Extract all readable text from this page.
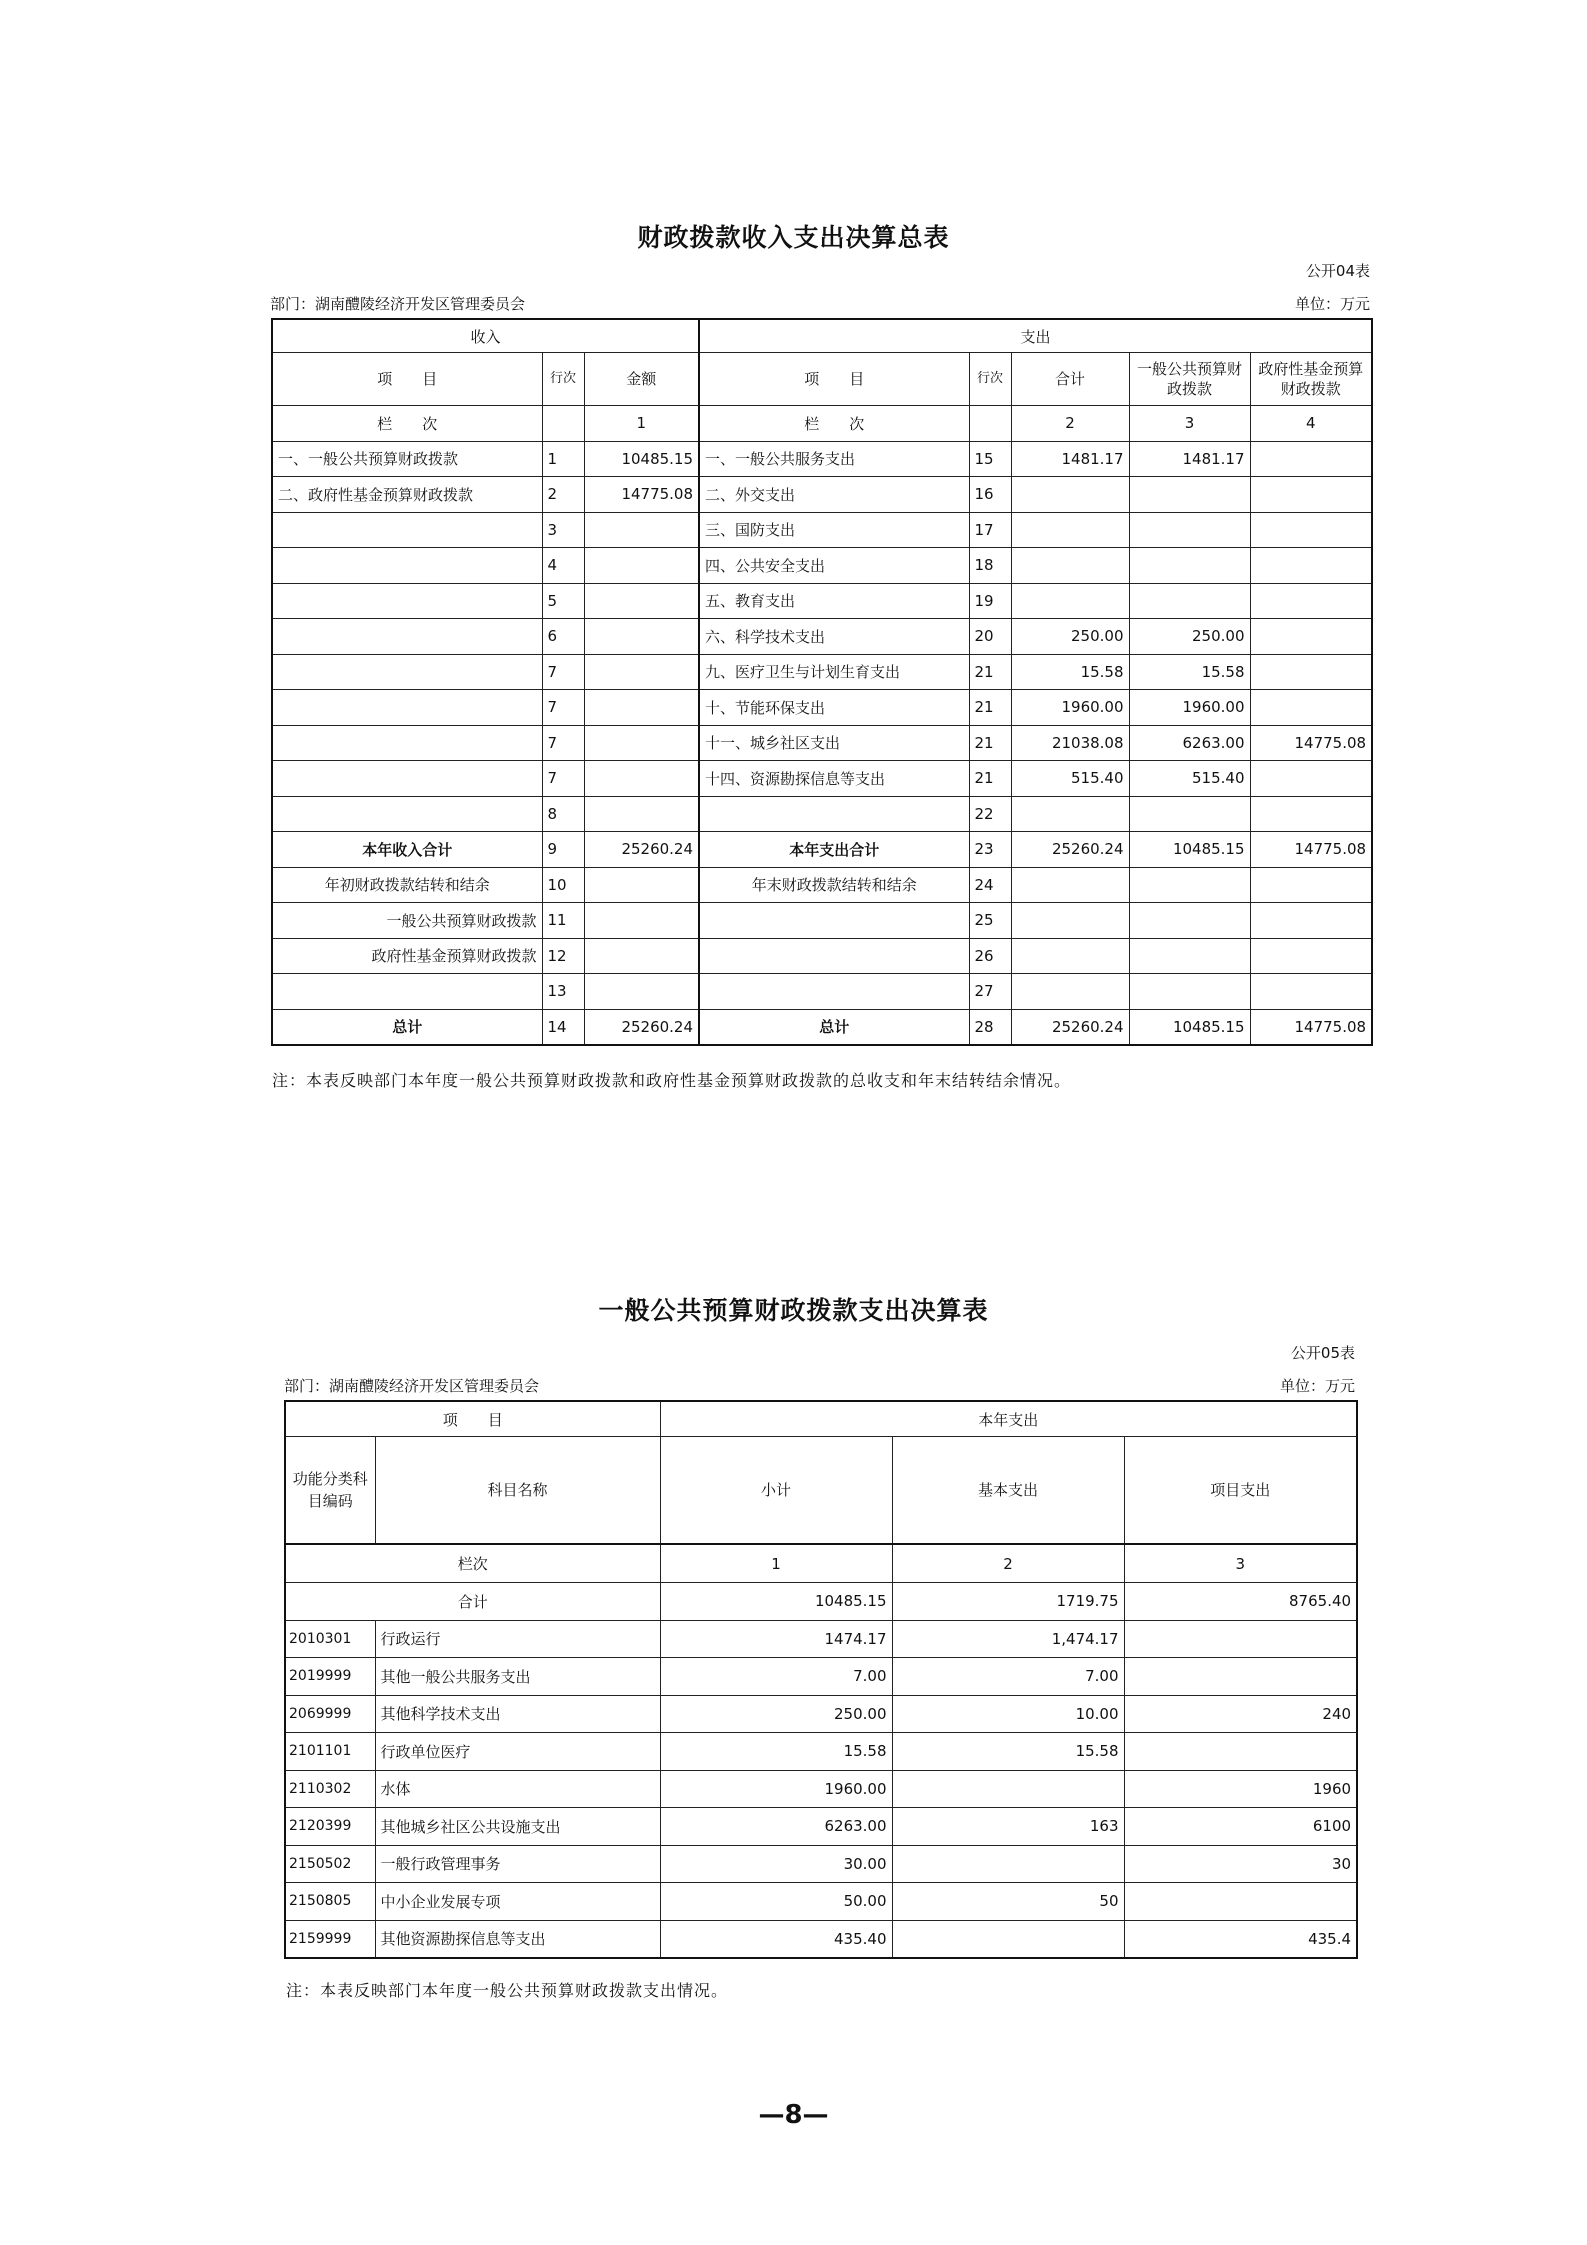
财政拨款收入支出决算总表
公开04表
部门：湖南醴陵经济开发区管理委员会	单位：万元
收入			支出				
项　　目	行次	金额	项　　目	行次	合计	一般公共预算财政拨款	政府性基金预算财政拨款
栏　　次		1	栏　　次		2	3	4
一、一般公共预算财政拨款	1	10485.15	一、一般公共服务支出	15	1481.17	1481.17	
二、政府性基金预算财政拨款	2	14775.08	二、外交支出	16			
	3		三、国防支出	17			
	4		四、公共安全支出	18			
	5		五、教育支出	19			
	6		六、科学技术支出	20	250.00	250.00	
	7		九、医疗卫生与计划生育支出	21	15.58	15.58	
	7		十、节能环保支出	21	1960.00	1960.00	
	7		十一、城乡社区支出	21	21038.08	6263.00	14775.08
	7		十四、资源勘探信息等支出	21	515.40	515.40	
	8			22			
本年收入合计	9	25260.24	本年支出合计	23	25260.24	10485.15	14775.08
年初财政拨款结转和结余	10		年末财政拨款结转和结余	24			
一般公共预算财政拨款	11			25			
政府性基金预算财政拨款	12			26			
	13			27			
总计	14	25260.24	总计	28	25260.24	10485.15	14775.08
注：本表反映部门本年度一般公共预算财政拨款和政府性基金预算财政拨款的总收支和年末结转结余情况。
一般公共预算财政拨款支出决算表
公开05表
部门：湖南醴陵经济开发区管理委员会	单位：万元
项　　目		本年支出		
功能分类科目编码	科目名称	小计	基本支出	项目支出
栏次		1	2	3
合计		10485.15	1719.75	8765.40
2010301	行政运行	1474.17	1,474.17	
2019999	其他一般公共服务支出	7.00	7.00	
2069999	其他科学技术支出	250.00	10.00	240
2101101	行政单位医疗	15.58	15.58	
2110302	水体	1960.00		1960
2120399	其他城乡社区公共设施支出	6263.00	163	6100
2150502	一般行政管理事务	30.00		30
2150805	中小企业发展专项	50.00	50	
2159999	其他资源勘探信息等支出	435.40		435.4
注：本表反映部门本年度一般公共预算财政拨款支出情况。
—8—
